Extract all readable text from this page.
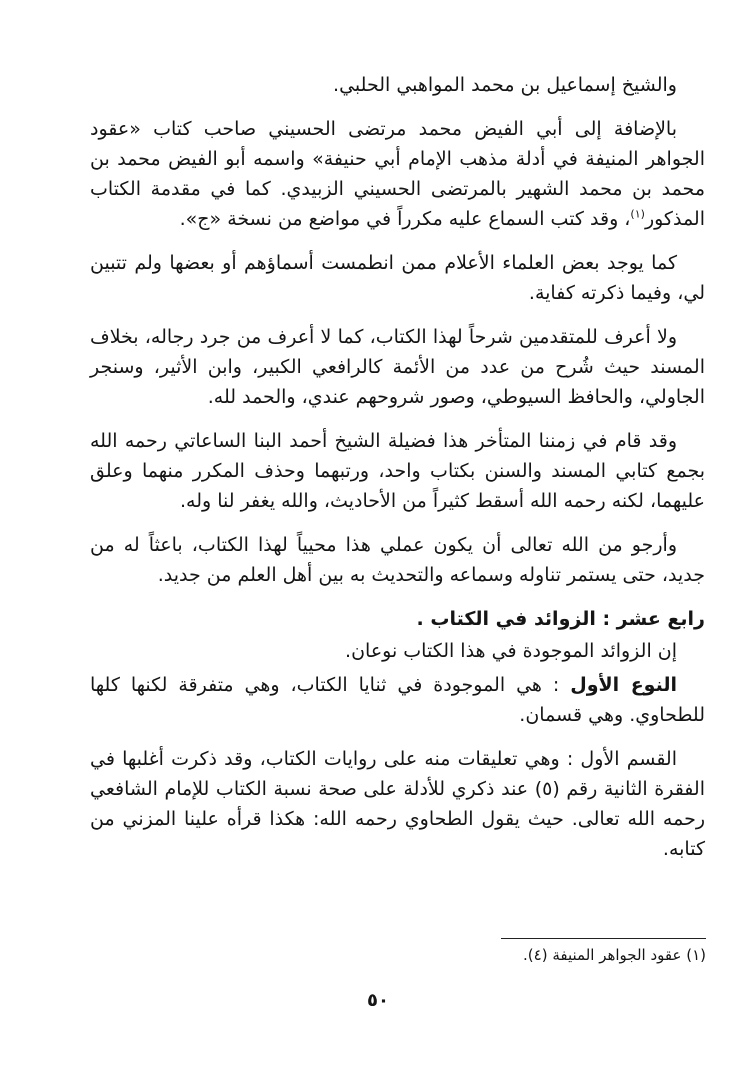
والشيخ إسماعيل بن محمد المواهبي الحلبي.

بالإضافة إلى أبي الفيض محمد مرتضى الحسيني صاحب كتاب «عقود الجواهر المنيفة في أدلة مذهب الإمام أبي حنيفة» واسمه أبو الفيض محمد بن محمد بن محمد الشهير بالمرتضى الحسيني الزبيدي. كما في مقدمة الكتاب المذكور$^{(١)}$، وقد كتب السماع عليه مكرراً في مواضع من نسخة «ج».

كما يوجد بعض العلماء الأعلام ممن انطمست أسماؤهم أو بعضها ولم تتبين لي، وفيما ذكرته كفاية.

ولا أعرف للمتقدمين شرحاً لهذا الكتاب، كما لا أعرف من جرد رجاله، بخلاف المسند حيث شُرح من عدد من الأئمة كالرافعي الكبير، وابن الأثير، وسنجر الجاولي، والحافظ السيوطي، وصور شروحهم عندي، والحمد لله.

وقد قام في زمننا المتأخر هذا فضيلة الشيخ أحمد البنا الساعاتي رحمه الله بجمع كتابي المسند والسنن بكتاب واحد، ورتبهما وحذف المكرر منهما وعلق عليهما، لكنه رحمه الله أسقط كثيراً من الأحاديث، والله يغفر لنا وله.

وأرجو من الله تعالى أن يكون عملي هذا محيياً لهذا الكتاب، باعثاً له من جديد، حتى يستمر تناوله وسماعه والتحديث به بين أهل العلم من جديد.

رابع عشر : الزوائد في الكتاب .

إن الزوائد الموجودة في هذا الكتاب نوعان.

النوع الأول : هي الموجودة في ثنايا الكتاب، وهي متفرقة لكنها كلها للطحاوي. وهي قسمان.

القسم الأول : وهي تعليقات منه على روايات الكتاب، وقد ذكرت أغلبها في الفقرة الثانية رقم (٥) عند ذكري للأدلة على صحة نسبة الكتاب للإمام الشافعي رحمه الله تعالى. حيث يقول الطحاوي رحمه الله: هكذا قرأه علينا المزني من كتابه.

(١) عقود الجواهر المنيفة (٤).
٥٠
